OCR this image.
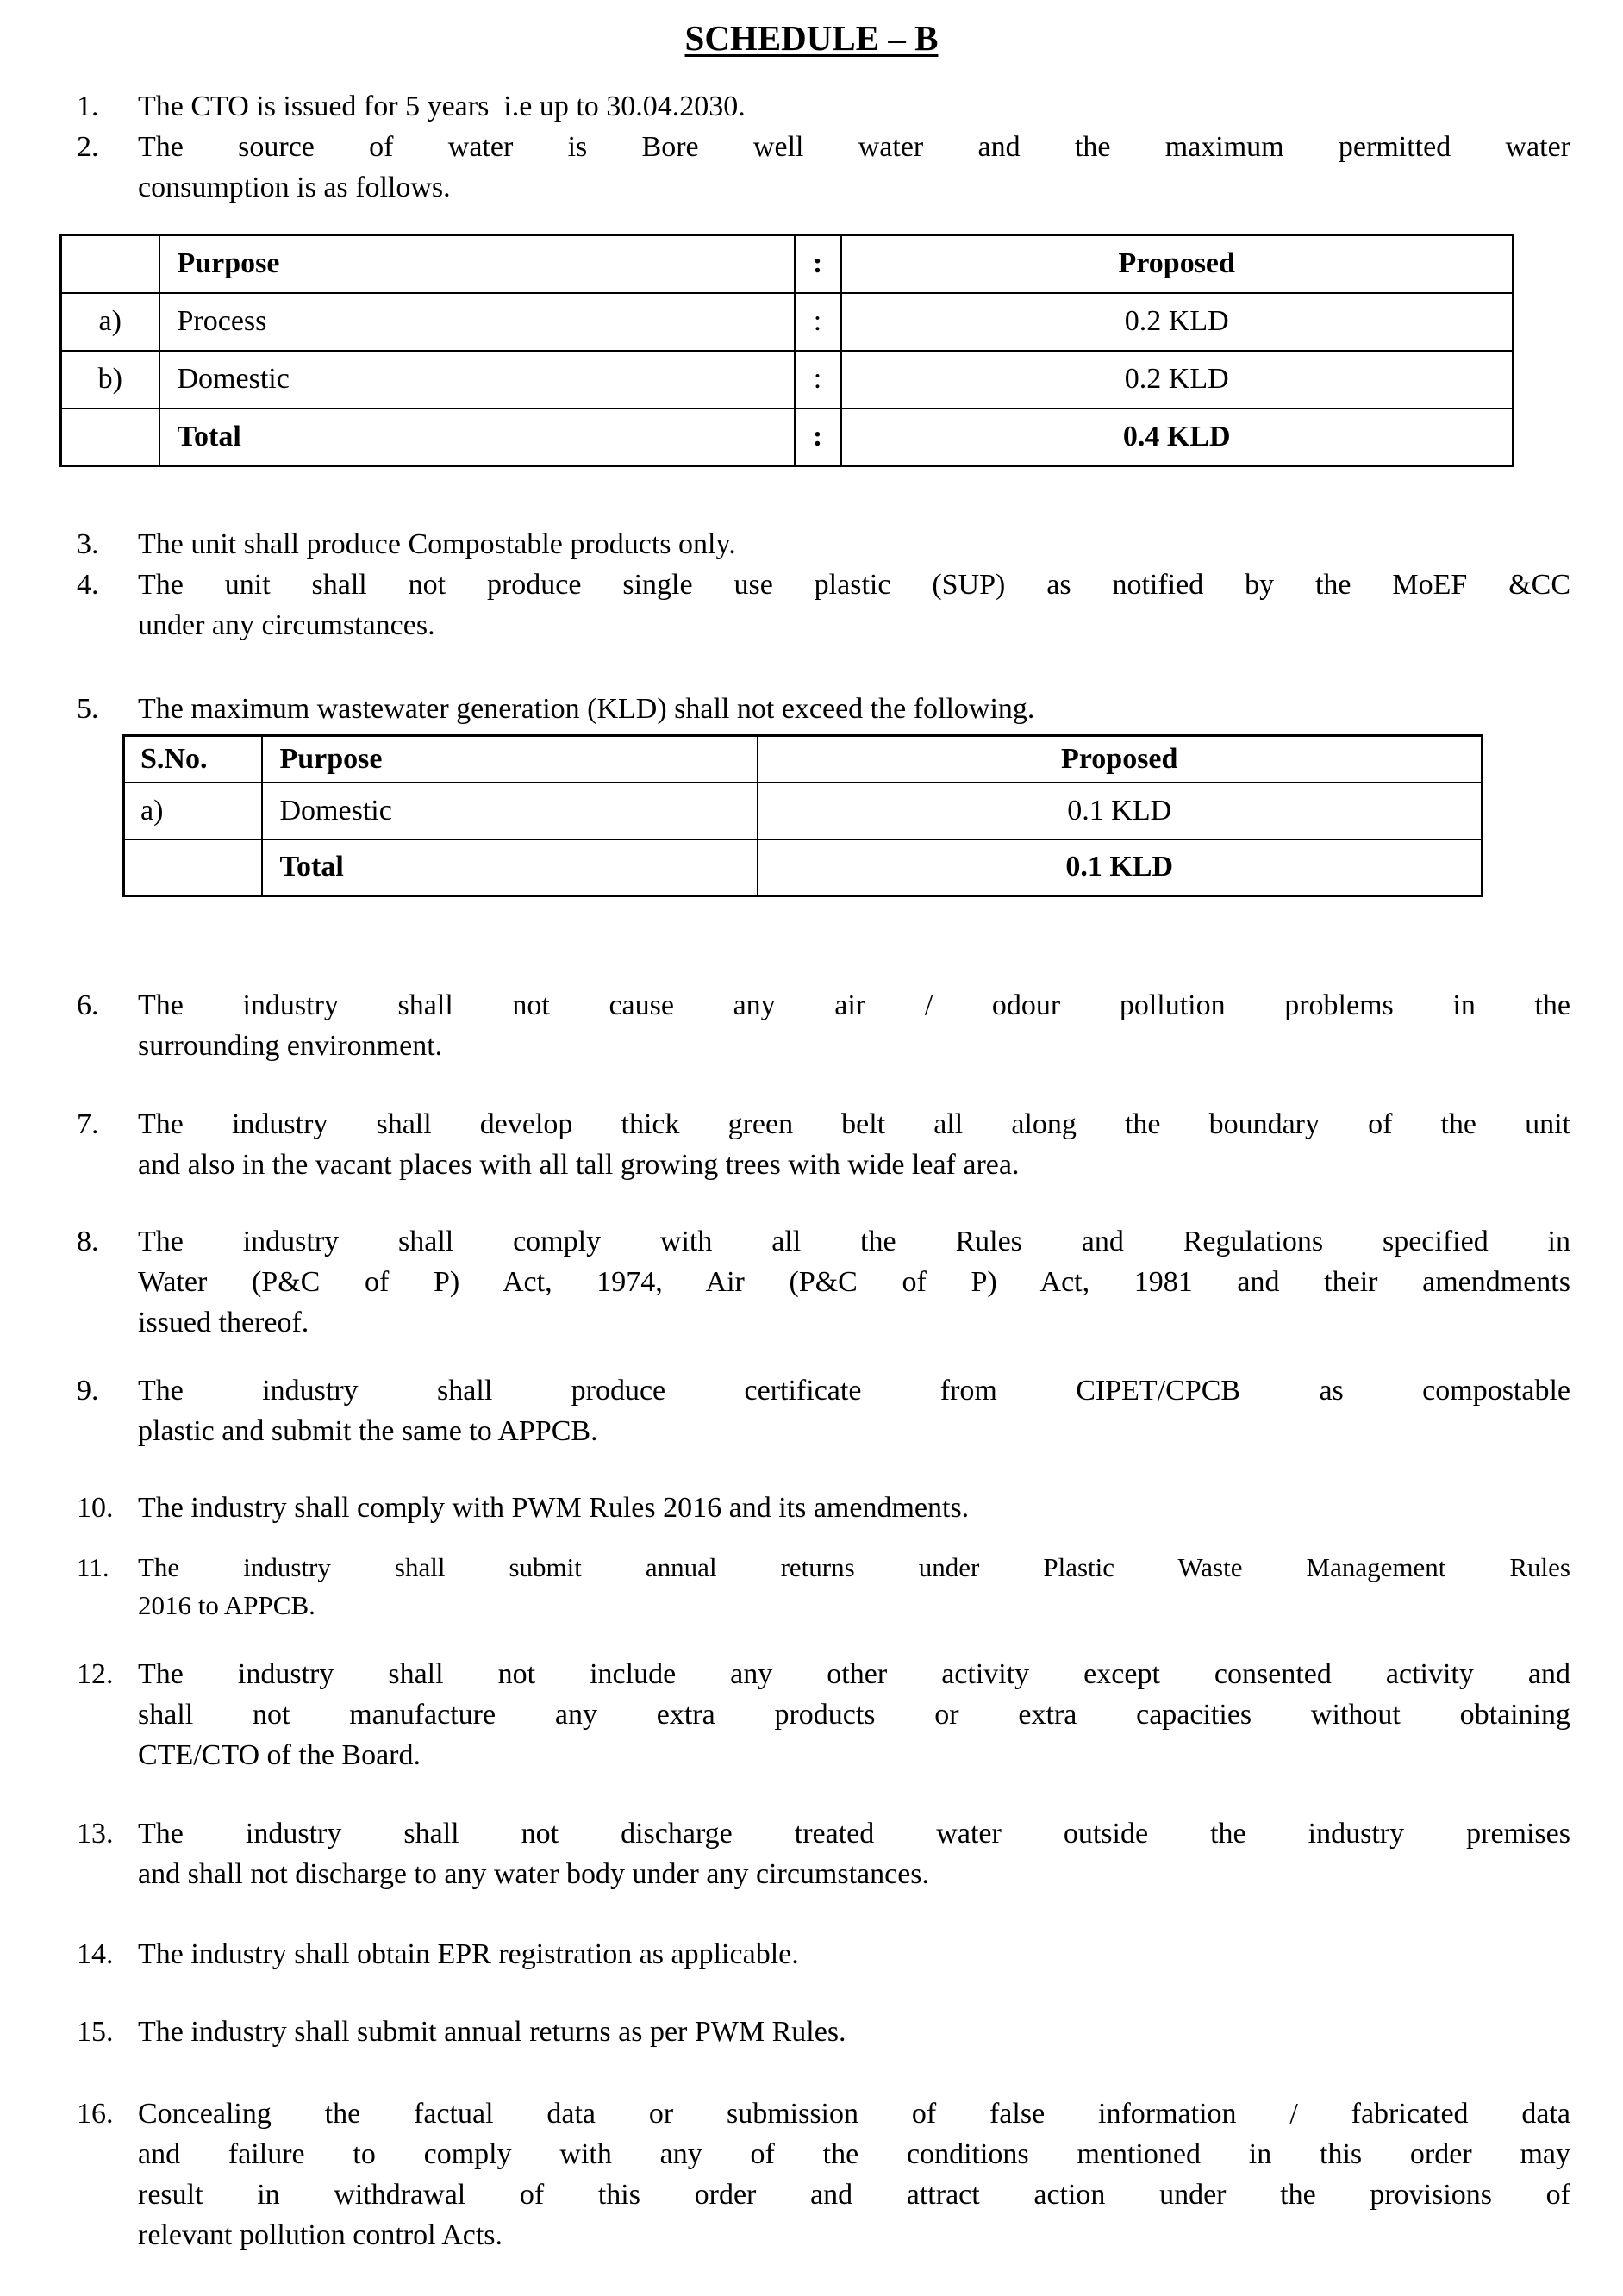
SCHEDULE – B
1.	The CTO is issued for 5 years  i.e up to 30.04.2030.
2.	The source of water is Bore well water and the maximum permitted water
consumption is as follows.
	Purpose	:	Proposed
a)	Process	:	0.2 KLD
b)	Domestic	:	0.2 KLD
	Total	:	0.4 KLD
3.	The unit shall produce Compostable products only.
4.	The unit shall not produce single use plastic (SUP) as notified by the MoEF &CC
under any circumstances.
5.	The maximum wastewater generation (KLD) shall not exceed the following.
S.No.	Purpose	Proposed
a)	Domestic	0.1 KLD
	Total	0.1 KLD
6.	The industry shall not cause any air / odour pollution problems in the
surrounding environment.
7.	The industry shall develop thick green belt all along the boundary of the unit
and also in the vacant places with all tall growing trees with wide leaf area.
8.	The industry shall comply with all the Rules and Regulations specified in
Water (P&C of P) Act, 1974, Air (P&C of P) Act, 1981 and their amendments
issued thereof.
9.	The industry shall produce certificate from CIPET/CPCB as compostable
plastic and submit the same to APPCB.
10. The industry shall comply with PWM Rules 2016 and its amendments.
11.	The industry shall submit annual returns under Plastic Waste Management Rules
2016 to APPCB.
12. The industry shall not include any other activity except consented activity and
shall not manufacture any extra products or extra capacities without obtaining
CTE/CTO of the Board.
13. The industry shall not discharge treated water outside the industry premises
and shall not discharge to any water body under any circumstances.
14. The industry shall obtain EPR registration as applicable.
15. The industry shall submit annual returns as per PWM Rules.
16. Concealing the factual data or submission of false information / fabricated data
and failure to comply with any of the conditions mentioned in this order may
result in withdrawal of this order and attract action under the provisions of
relevant pollution control Acts.
